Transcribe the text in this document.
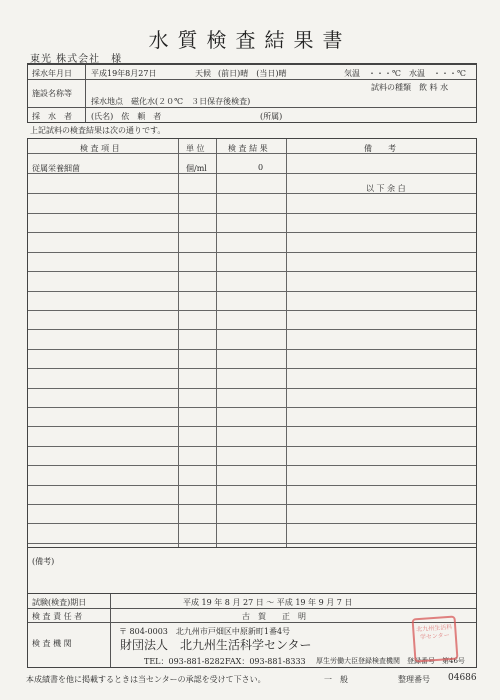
水質検査結果書
東光 株式会社　様
採水年月日 平成19年8月27日	天候 (前日)晴　(当日)晴	気温　・・・℃ 水温　・・・℃
施設名称等
試料の種類　飲 料 水
採水地点　磁化水(２０℃　３日保存後検査)
採　水　者 (氏名)　依　頼　者	(所属)
上記試料の検査結果は次の通りです。
検 査 項 目	単 位	検 査 結 果	備　　考
従属栄養細菌	個/ml	0
以 下 余 白
(備考)
試験(検査)期日	平成 19 年 8 月 27 日 〜 平成 19 年 9 月 7 日
検 査 責 任 者	古　賀　　正　明
検 査 機 関
〒 804-0003　北九州市戸畑区中原新町1番4号
財団法人　北九州生活科学センター
TEL：093-881-8282 FAX：093-881-8333 厚生労働大臣登録検査機関　登録番号　第46号
北九州生活科学センター
本成績書を他に掲載するときは当センターの承認を受けて下さい。	一　般	整理番号 04686
